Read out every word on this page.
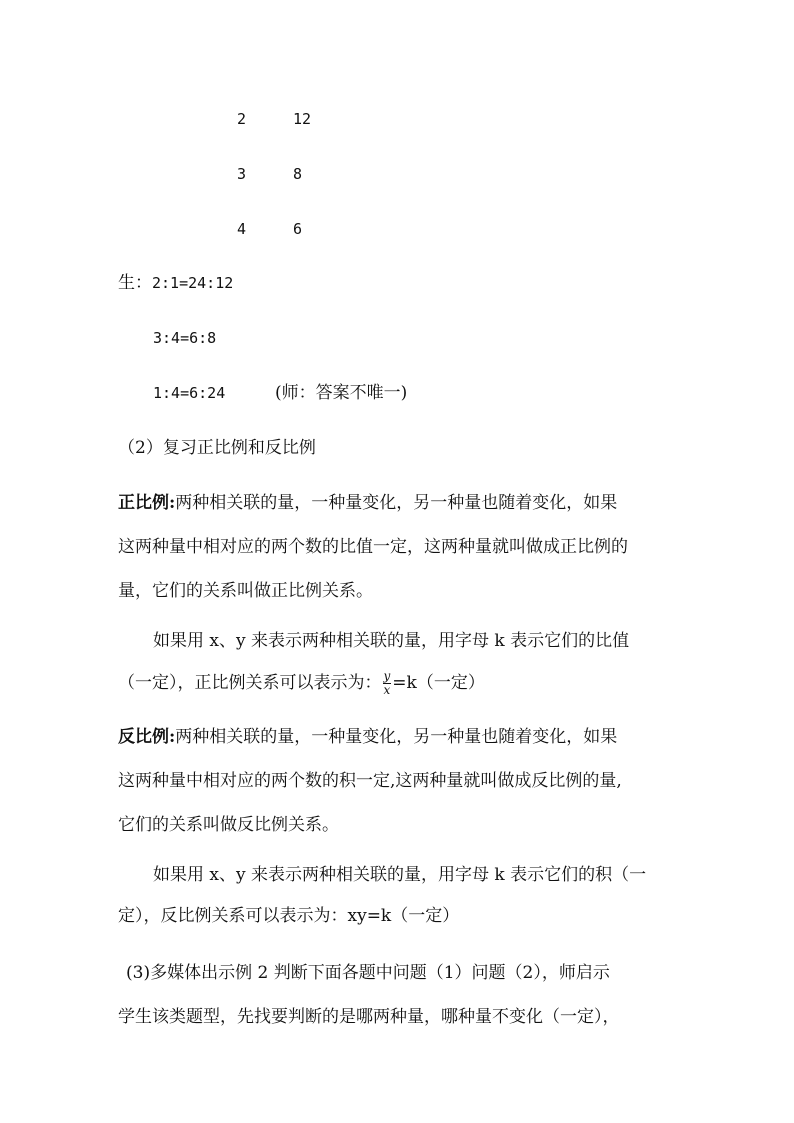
2	12
3	8
4	6
生：2:1=24:12
3:4=6:8
1:4=6:24	(师：答案不唯一)
（2）复习正比例和反比例
正比例:两种相关联的量，一种量变化，另一种量也随着变化，如果
这两种量中相对应的两个数的比值一定，这两种量就叫做成正比例的
量，它们的关系叫做正比例关系。
如果用 x、y 来表示两种相关联的量，用字母 k 表示它们的比值
（一定），正比例关系可以表示为： $\frac{y}{x} =k$（一定）
反比例:两种相关联的量，一种量变化，另一种量也随着变化，如果
这两种量中相对应的两个数的积一定,这两种量就叫做成反比例的量,
它们的关系叫做反比例关系。
如果用 x、y 来表示两种相关联的量，用字母 k 表示它们的积（一
定），反比例关系可以表示为：xy=k（一定）
(3)多媒体出示例 2 判断下面各题中问题（1）问题（2），师启示
学生该类题型，先找要判断的是哪两种量，哪种量不变化（一定），
